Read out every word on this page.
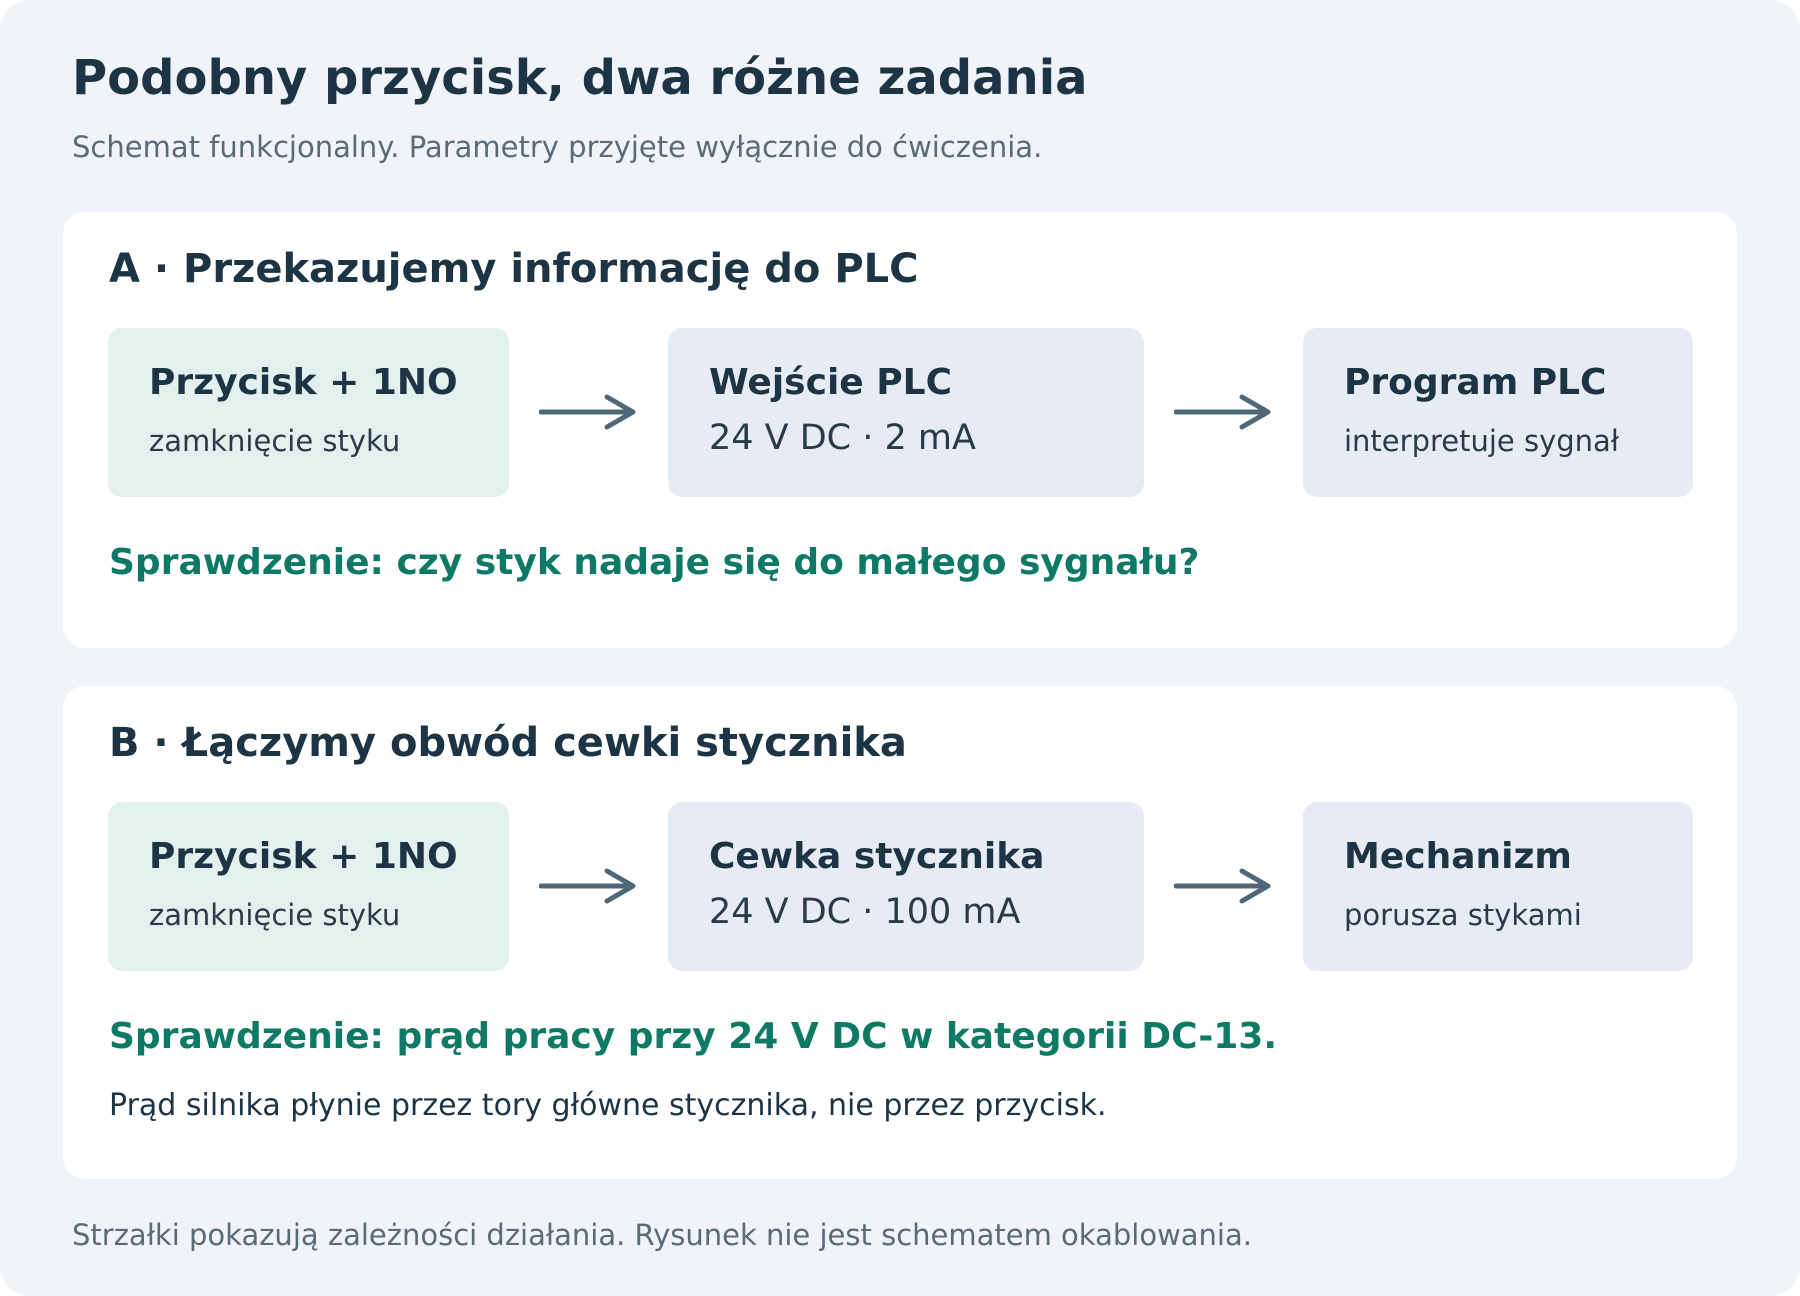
Podobny przycisk, dwa różne zadania
Schemat funkcjonalny. Parametry przyjęte wyłącznie do ćwiczenia.
A · Przekazujemy informację do PLC
Przycisk + 1NO
zamknięcie styku
Wejście PLC
24 V DC · 2 mA
Program PLC
interpretuje sygnał
Sprawdzenie: czy styk nadaje się do małego sygnału?
B · Łączymy obwód cewki stycznika
Przycisk + 1NO
zamknięcie styku
Cewka stycznika
24 V DC · 100 mA
Mechanizm
porusza stykami
Sprawdzenie: prąd pracy przy 24 V DC w kategorii DC-13.
Prąd silnika płynie przez tory główne stycznika, nie przez przycisk.
Strzałki pokazują zależności działania. Rysunek nie jest schematem okablowania.
